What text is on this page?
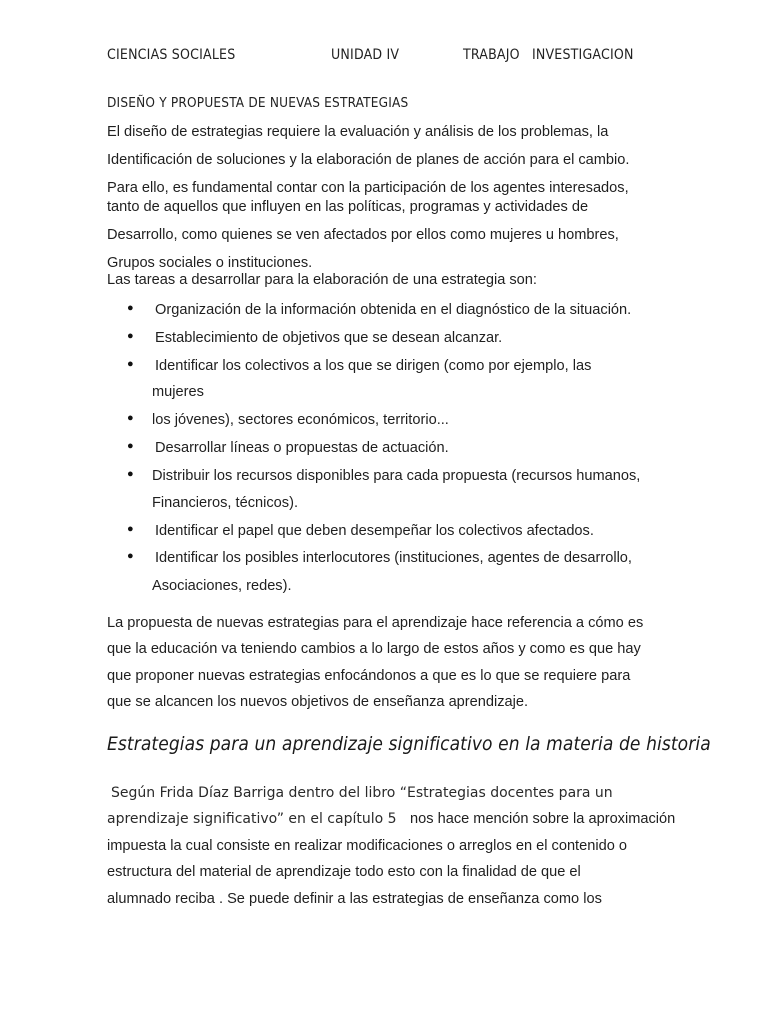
CIENCIAS SOCIALES	UNIDAD IV	TRABAJO INVESTIGACION
DISEÑO Y PROPUESTA DE NUEVAS ESTRATEGIAS
El diseño de estrategias requiere la evaluación y análisis de los problemas, la
Identificación de soluciones y la elaboración de planes de acción para el cambio.
Para ello, es fundamental contar con la participación de los agentes interesados,
tanto de aquellos que influyen en las políticas, programas y actividades de
Desarrollo, como quienes se ven afectados por ellos como mujeres u hombres,
Grupos sociales o instituciones.
Las tareas a desarrollar para la elaboración de una estrategia son:
● Organización de la información obtenida en el diagnóstico de la situación.
● Establecimiento de objetivos que se desean alcanzar.
● Identificar los colectivos a los que se dirigen (como por ejemplo, las
mujeres
● los jóvenes), sectores económicos, territorio...
● Desarrollar líneas o propuestas de actuación.
● Distribuir los recursos disponibles para cada propuesta (recursos humanos,
Financieros, técnicos).
● Identificar el papel que deben desempeñar los colectivos afectados.
● Identificar los posibles interlocutores (instituciones, agentes de desarrollo,
Asociaciones, redes).
La propuesta de nuevas estrategias para el aprendizaje hace referencia a cómo es
que la educación va teniendo cambios a lo largo de estos años y como es que hay
que proponer nuevas estrategias enfocándonos a que es lo que se requiere para
que se alcancen los nuevos objetivos de enseñanza aprendizaje.
Estrategias para un aprendizaje significativo en la materia de historia
Según Frida Díaz Barriga dentro del libro “Estrategias docentes para un
aprendizaje significativo” en el capítulo 5 nos hace mención sobre la aproximación
impuesta la cual consiste en realizar modificaciones o arreglos en el contenido o
estructura del material de aprendizaje todo esto con la finalidad de que el
alumnado reciba . Se puede definir a las estrategias de enseñanza como los
